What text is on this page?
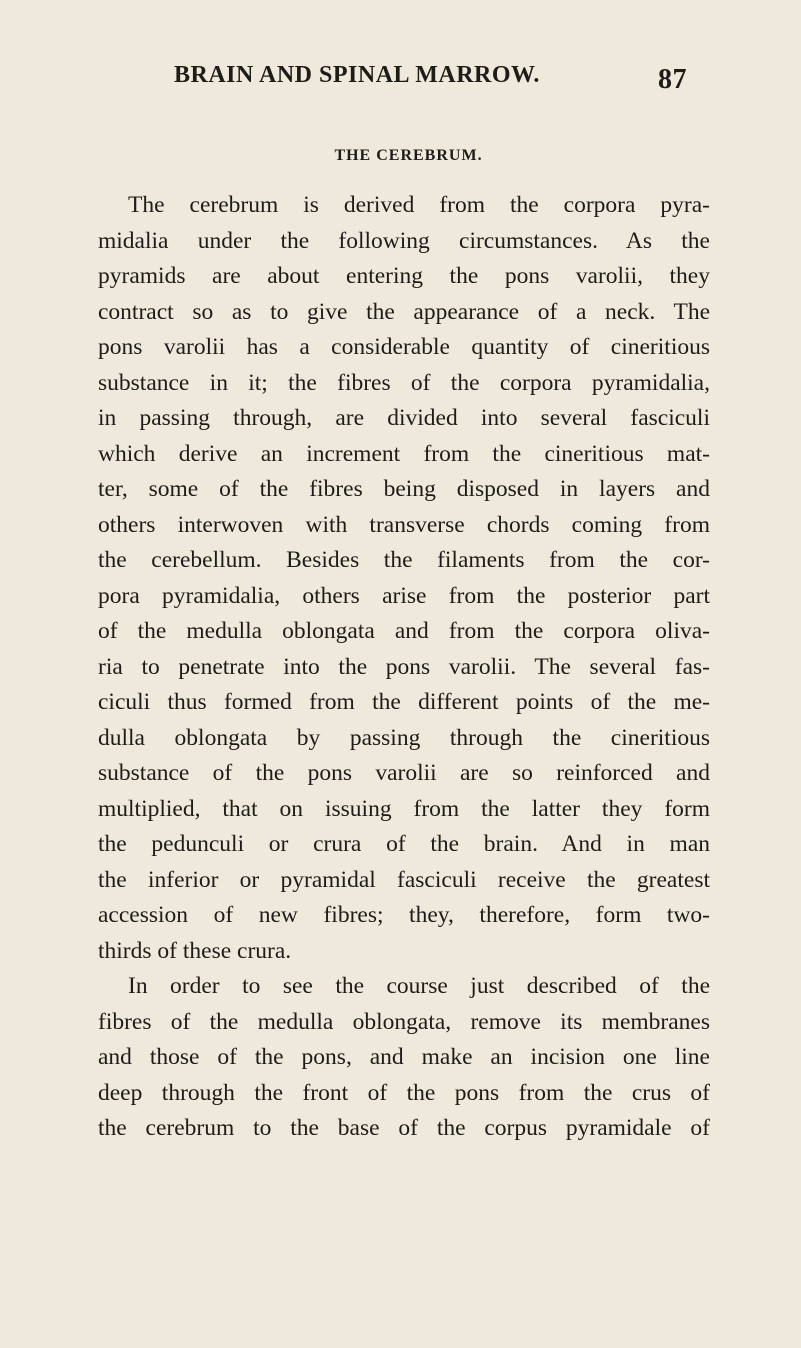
BRAIN AND SPINAL MARROW.	87
THE CEREBRUM.
The cerebrum is derived from the corpora pyra-
midalia under the following circumstances. As the
pyramids are about entering the pons varolii, they
contract so as to give the appearance of a neck. The
pons varolii has a considerable quantity of cineritious
substance in it; the fibres of the corpora pyramidalia,
in passing through, are divided into several fasciculi
which derive an increment from the cineritious mat-
ter, some of the fibres being disposed in layers and
others interwoven with transverse chords coming from
the cerebellum. Besides the filaments from the cor-
pora pyramidalia, others arise from the posterior part
of the medulla oblongata and from the corpora oliva-
ria to penetrate into the pons varolii. The several fas-
ciculi thus formed from the different points of the me-
dulla oblongata by passing through the cineritious
substance of the pons varolii are so reinforced and
multiplied, that on issuing from the latter they form
the pedunculi or crura of the brain. And in man
the inferior or pyramidal fasciculi receive the greatest
accession of new fibres; they, therefore, form two-
thirds of these crura.
In order to see the course just described of the
fibres of the medulla oblongata, remove its membranes
and those of the pons, and make an incision one line
deep through the front of the pons from the crus of
the cerebrum to the base of the corpus pyramidale of
